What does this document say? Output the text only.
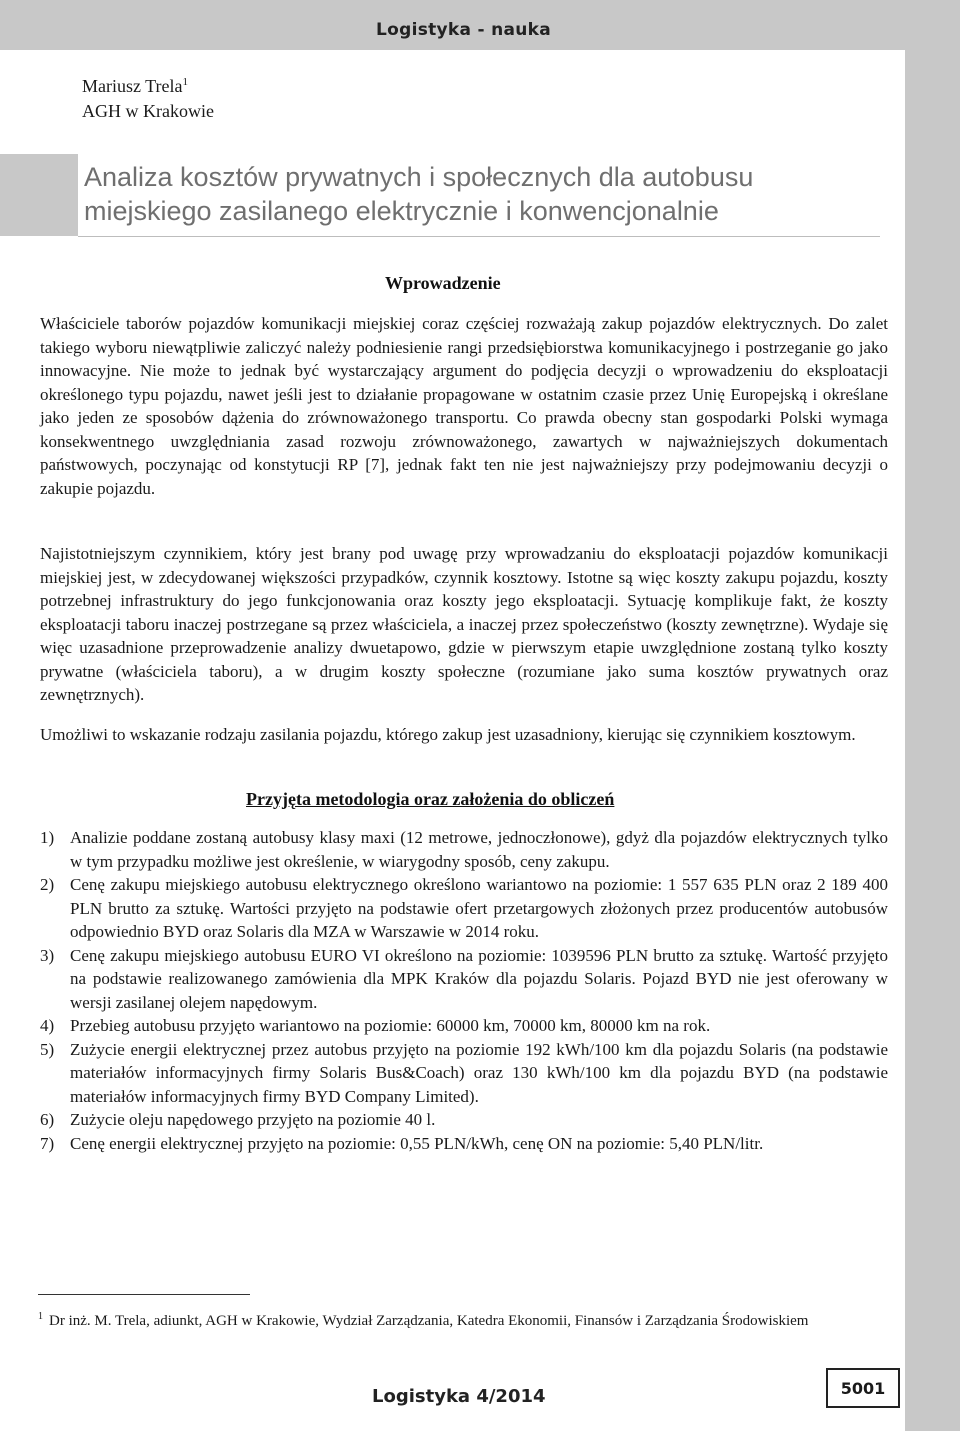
Logistyka - nauka
Mariusz Trela$^1$
AGH w Krakowie
Analiza kosztów prywatnych i społecznych dla autobusu
miejskiego zasilanego elektrycznie i konwencjonalnie
Wprowadzenie
Właściciele taborów pojazdów komunikacji miejskiej coraz częściej rozważają zakup pojazdów elektrycznych. Do zalet takiego wyboru niewątpliwie zaliczyć należy podniesienie rangi przedsiębiorstwa komunikacyjnego i postrzeganie go jako innowacyjne. Nie może to jednak być wystarczający argument do podjęcia decyzji o wprowadzeniu do eksploatacji określonego typu pojazdu, nawet jeśli jest to działanie propagowane w ostatnim czasie przez Unię Europejską i określane jako jeden ze sposobów dążenia do zrównoważonego transportu. Co prawda obecny stan gospodarki Polski wymaga konsekwentnego uwzględniania zasad rozwoju zrównoważonego, zawartych w najważniejszych dokumentach państwowych, poczynając od konstytucji RP [7], jednak fakt ten nie jest najważniejszy przy podejmowaniu decyzji o zakupie pojazdu.
Najistotniejszym czynnikiem, który jest brany pod uwagę przy wprowadzaniu do eksploatacji pojazdów komunikacji miejskiej jest, w zdecydowanej większości przypadków, czynnik kosztowy. Istotne są więc koszty zakupu pojazdu, koszty potrzebnej infrastruktury do jego funkcjonowania oraz koszty jego eksploatacji. Sytuację komplikuje fakt, że koszty eksploatacji taboru inaczej postrzegane są przez właściciela, a inaczej przez społeczeństwo (koszty zewnętrzne). Wydaje się więc uzasadnione przeprowadzenie analizy dwuetapowo, gdzie w pierwszym etapie uwzględnione zostaną tylko koszty prywatne (właściciela taboru), a w drugim koszty społeczne (rozumiane jako suma kosztów prywatnych oraz zewnętrznych).
Umożliwi to wskazanie rodzaju zasilania pojazdu, którego zakup jest uzasadniony, kierując się czynnikiem kosztowym.
Przyjęta metodologia oraz założenia do obliczeń
1) Analizie poddane zostaną autobusy klasy maxi (12 metrowe, jednoczłonowe), gdyż dla pojazdów elektrycznych tylko w tym przypadku możliwe jest określenie, w wiarygodny sposób, ceny zakupu.
2) Cenę zakupu miejskiego autobusu elektrycznego określono wariantowo na poziomie: 1 557 635 PLN oraz 2 189 400 PLN brutto za sztukę. Wartości przyjęto na podstawie ofert przetargowych złożonych przez producentów autobusów odpowiednio BYD oraz Solaris dla MZA w Warszawie w 2014 roku.
3) Cenę zakupu miejskiego autobusu EURO VI określono na poziomie: 1039596 PLN brutto za sztukę. Wartość przyjęto na podstawie realizowanego zamówienia dla MPK Kraków dla pojazdu Solaris. Pojazd BYD nie jest oferowany w wersji zasilanej olejem napędowym.
4) Przebieg autobusu przyjęto wariantowo na poziomie: 60000 km, 70000 km, 80000 km na rok.
5) Zużycie energii elektrycznej przez autobus przyjęto na poziomie 192 kWh/100 km dla pojazdu Solaris (na podstawie materiałów informacyjnych firmy Solaris Bus&Coach) oraz 130 kWh/100 km dla pojazdu BYD (na podstawie materiałów informacyjnych firmy BYD Company Limited).
6) Zużycie oleju napędowego przyjęto na poziomie 40 l.
7) Cenę energii elektrycznej przyjęto na poziomie: 0,55 PLN/kWh, cenę ON na poziomie: 5,40 PLN/litr.
$^1$ Dr inż. M. Trela, adiunkt, AGH w Krakowie, Wydział Zarządzania, Katedra Ekonomii, Finansów i Zarządzania Środowiskiem
Logistyka 4/2014	5001
